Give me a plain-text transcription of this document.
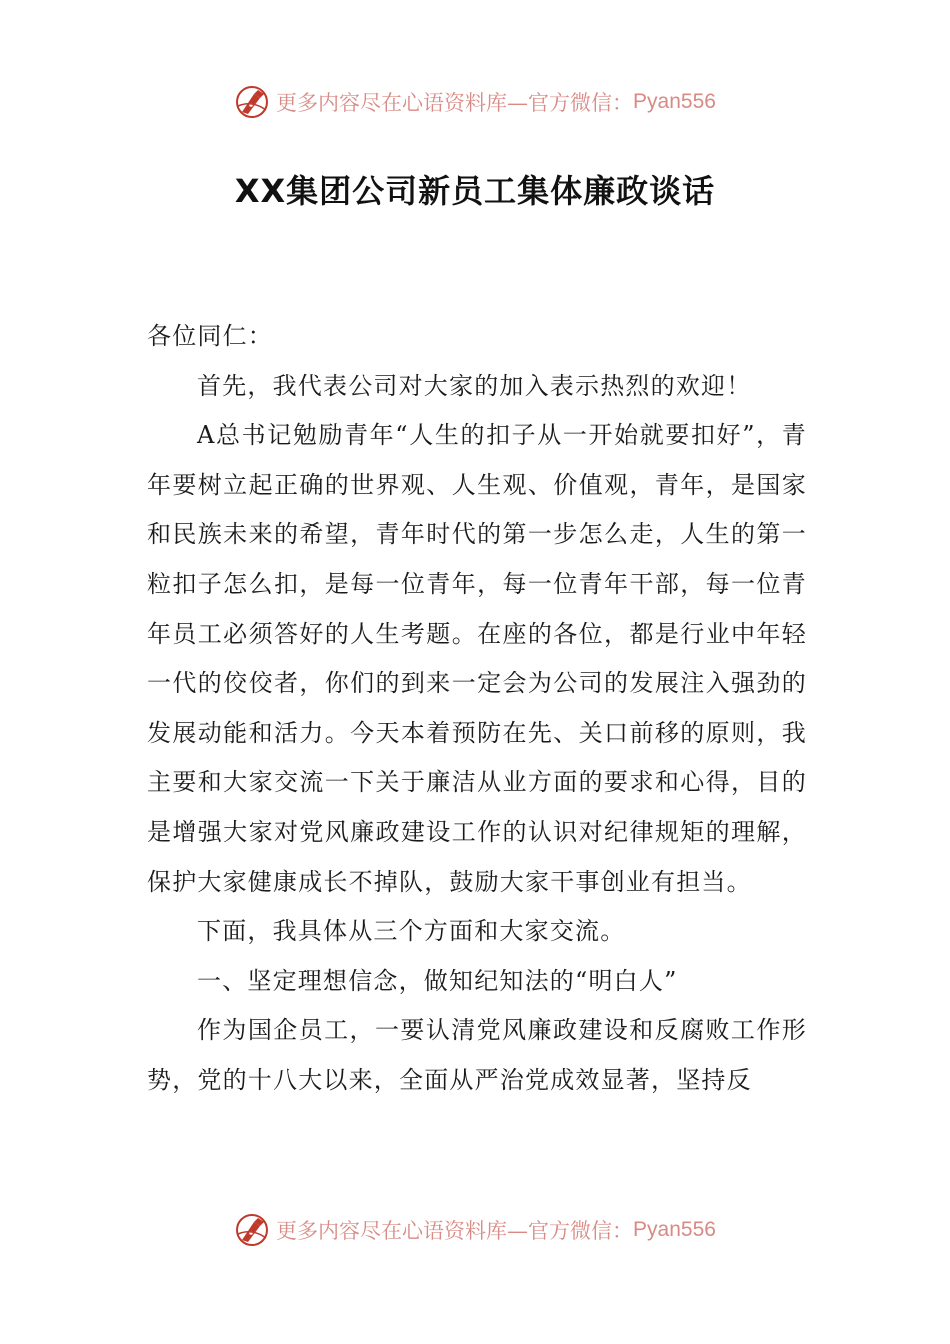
更多内容尽在心语资料库—官方微信： Pyan556
XX集团公司新员工集体廉政谈话

各位同仁：

首先，我代表公司对大家的加入表示热烈的欢迎！

A总书记勉励青年“人生的扣子从一开始就要扣好”，青年要树立起正确的世界观、人生观、价值观，青年，是国家和民族未来的希望，青年时代的第一步怎么走，人生的第一粒扣子怎么扣，是每一位青年，每一位青年干部，每一位青年员工必须答好的人生考题。在座的各位，都是行业中年轻一代的佼佼者，你们的到来一定会为公司的发展注入强劲的发展动能和活力。今天本着预防在先、关口前移的原则，我主要和大家交流一下关于廉洁从业方面的要求和心得，目的是增强大家对党风廉政建设工作的认识对纪律规矩的理解，保护大家健康成长不掉队，鼓励大家干事创业有担当。

下面，我具体从三个方面和大家交流。

一、坚定理想信念，做知纪知法的“明白人”

作为国企员工，一要认清党风廉政建设和反腐败工作形势，党的十八大以来，全面从严治党成效显著，坚持反

更多内容尽在心语资料库—官方微信： Pyan556
